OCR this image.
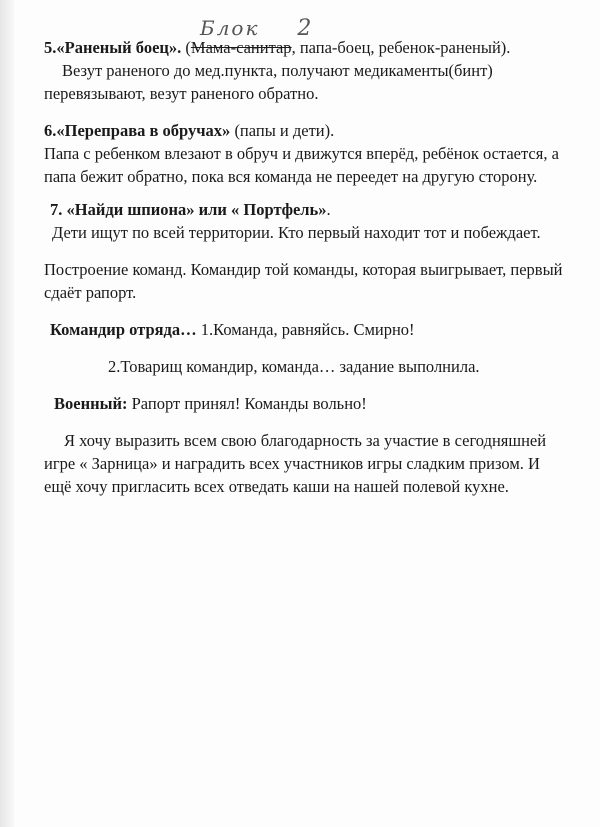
Блок 2

5.«Раненый боец». (Мама-санитар, папа-боец, ребенок-раненый).

Везут раненого до мед.пункта, получают медикаменты(бинт) перевязывают, везут раненого обратно.

6.«Переправа в обручах» (папы и дети).

Папа с ребенком влезают в обруч и движутся вперёд, ребёнок остается, а папа бежит обратно, пока вся команда не переедет на другую сторону.

7. «Найди шпиона» или « Портфель».

Дети ищут по всей территории. Кто первый находит тот и побеждает.

Построение команд. Командир той команды, которая выигрывает, первый сдаёт рапорт.

Командир отряда… 1.Команда, равняйсь. Смирно!

2.Товарищ командир, команда… задание выполнила.

Военный: Рапорт принял! Команды вольно!

Я хочу выразить всем свою благодарность за участие в сегодняшней игре « Зарница» и наградить всех участников игры сладким призом. И ещё хочу пригласить всех отведать каши на нашей полевой кухне.
